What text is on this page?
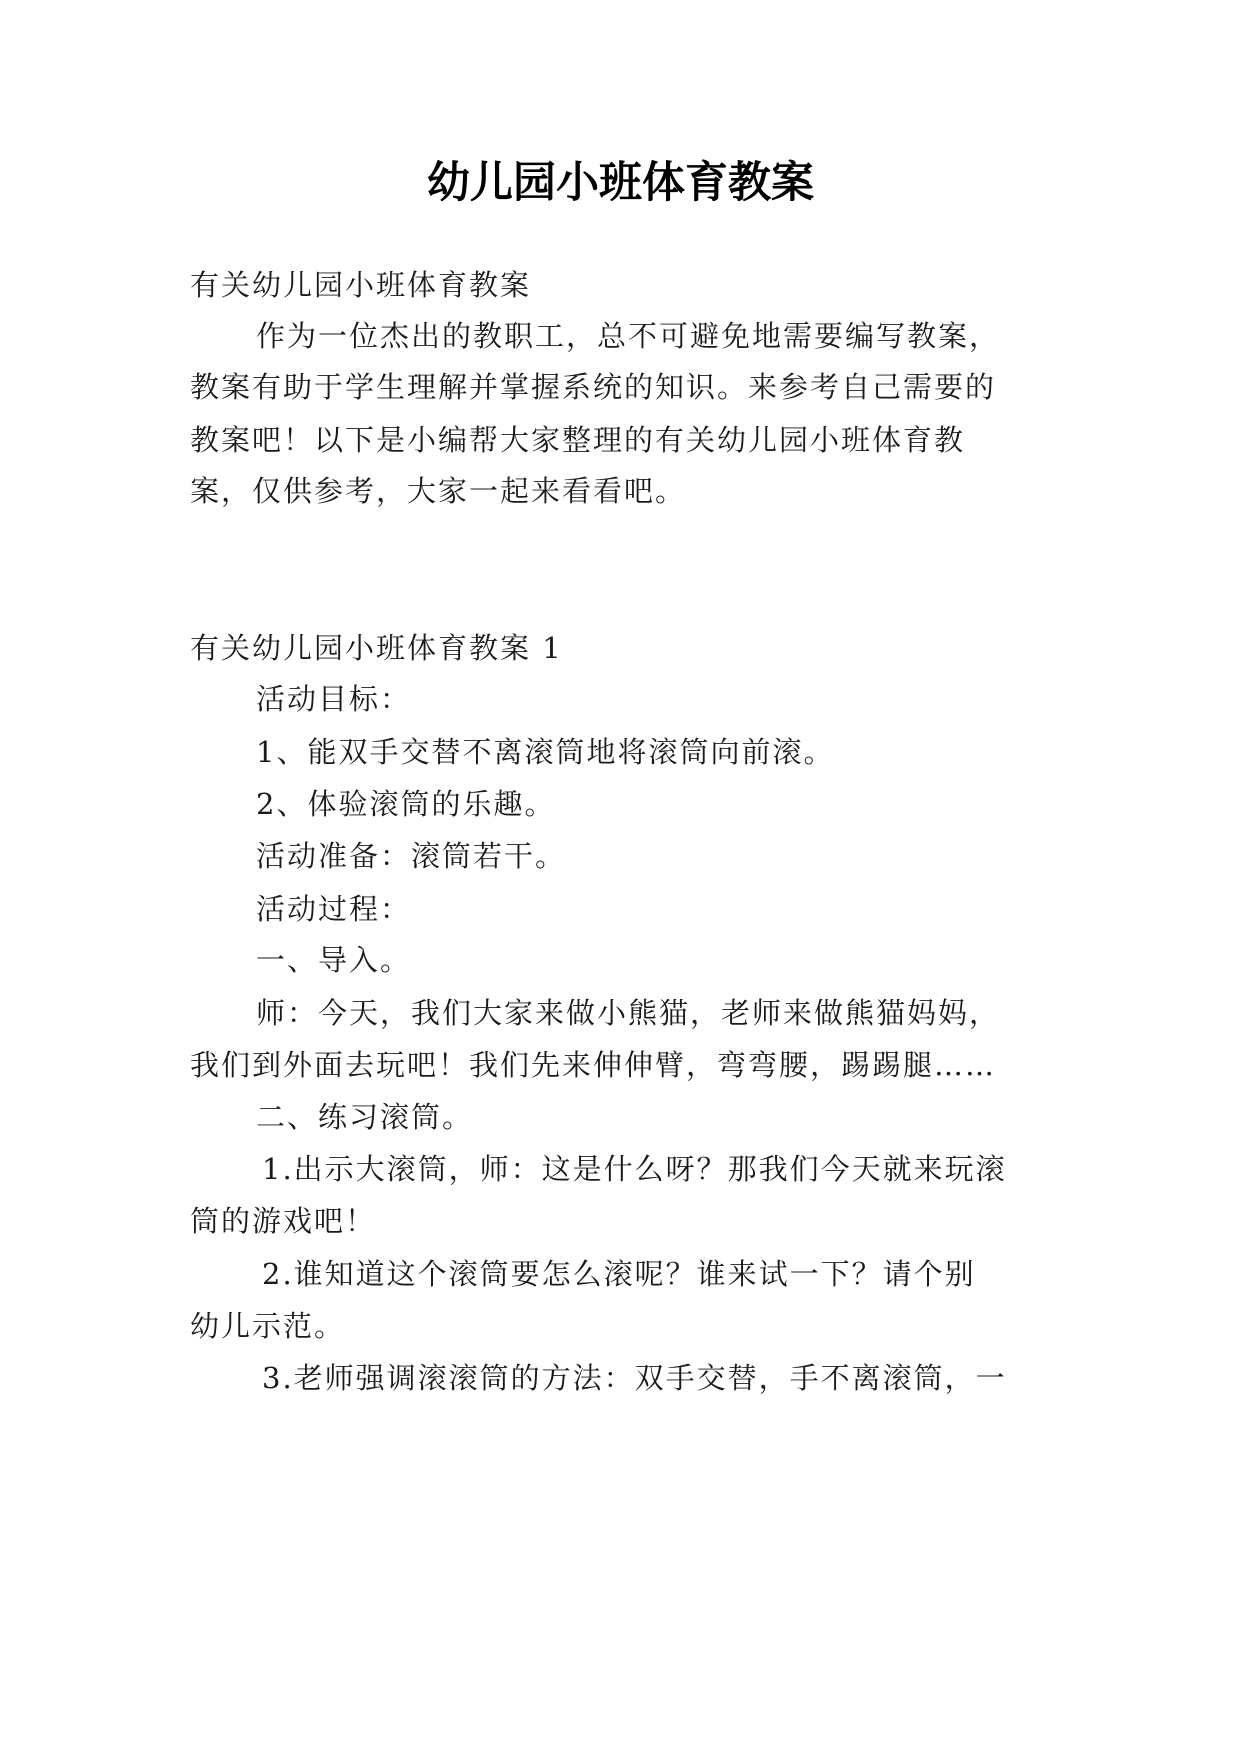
幼儿园小班体育教案
有关幼儿园小班体育教案
作为一位杰出的教职工，总不可避免地需要编写教案，
教案有助于学生理解并掌握系统的知识。来参考自己需要的
教案吧！以下是小编帮大家整理的有关幼儿园小班体育教
案，仅供参考，大家一起来看看吧。
有关幼儿园小班体育教案 1
活动目标：
1、能双手交替不离滚筒地将滚筒向前滚。
2、体验滚筒的乐趣。
活动准备：滚筒若干。
活动过程：
一、导入。
师：今天，我们大家来做小熊猫，老师来做熊猫妈妈，
我们到外面去玩吧！我们先来伸伸臂，弯弯腰，踢踢腿……
二、练习滚筒。
1.出示大滚筒，师：这是什么呀？那我们今天就来玩滚
筒的游戏吧！
2.谁知道这个滚筒要怎么滚呢？谁来试一下？请个别
幼儿示范。
3.老师强调滚滚筒的方法：双手交替，手不离滚筒，一
